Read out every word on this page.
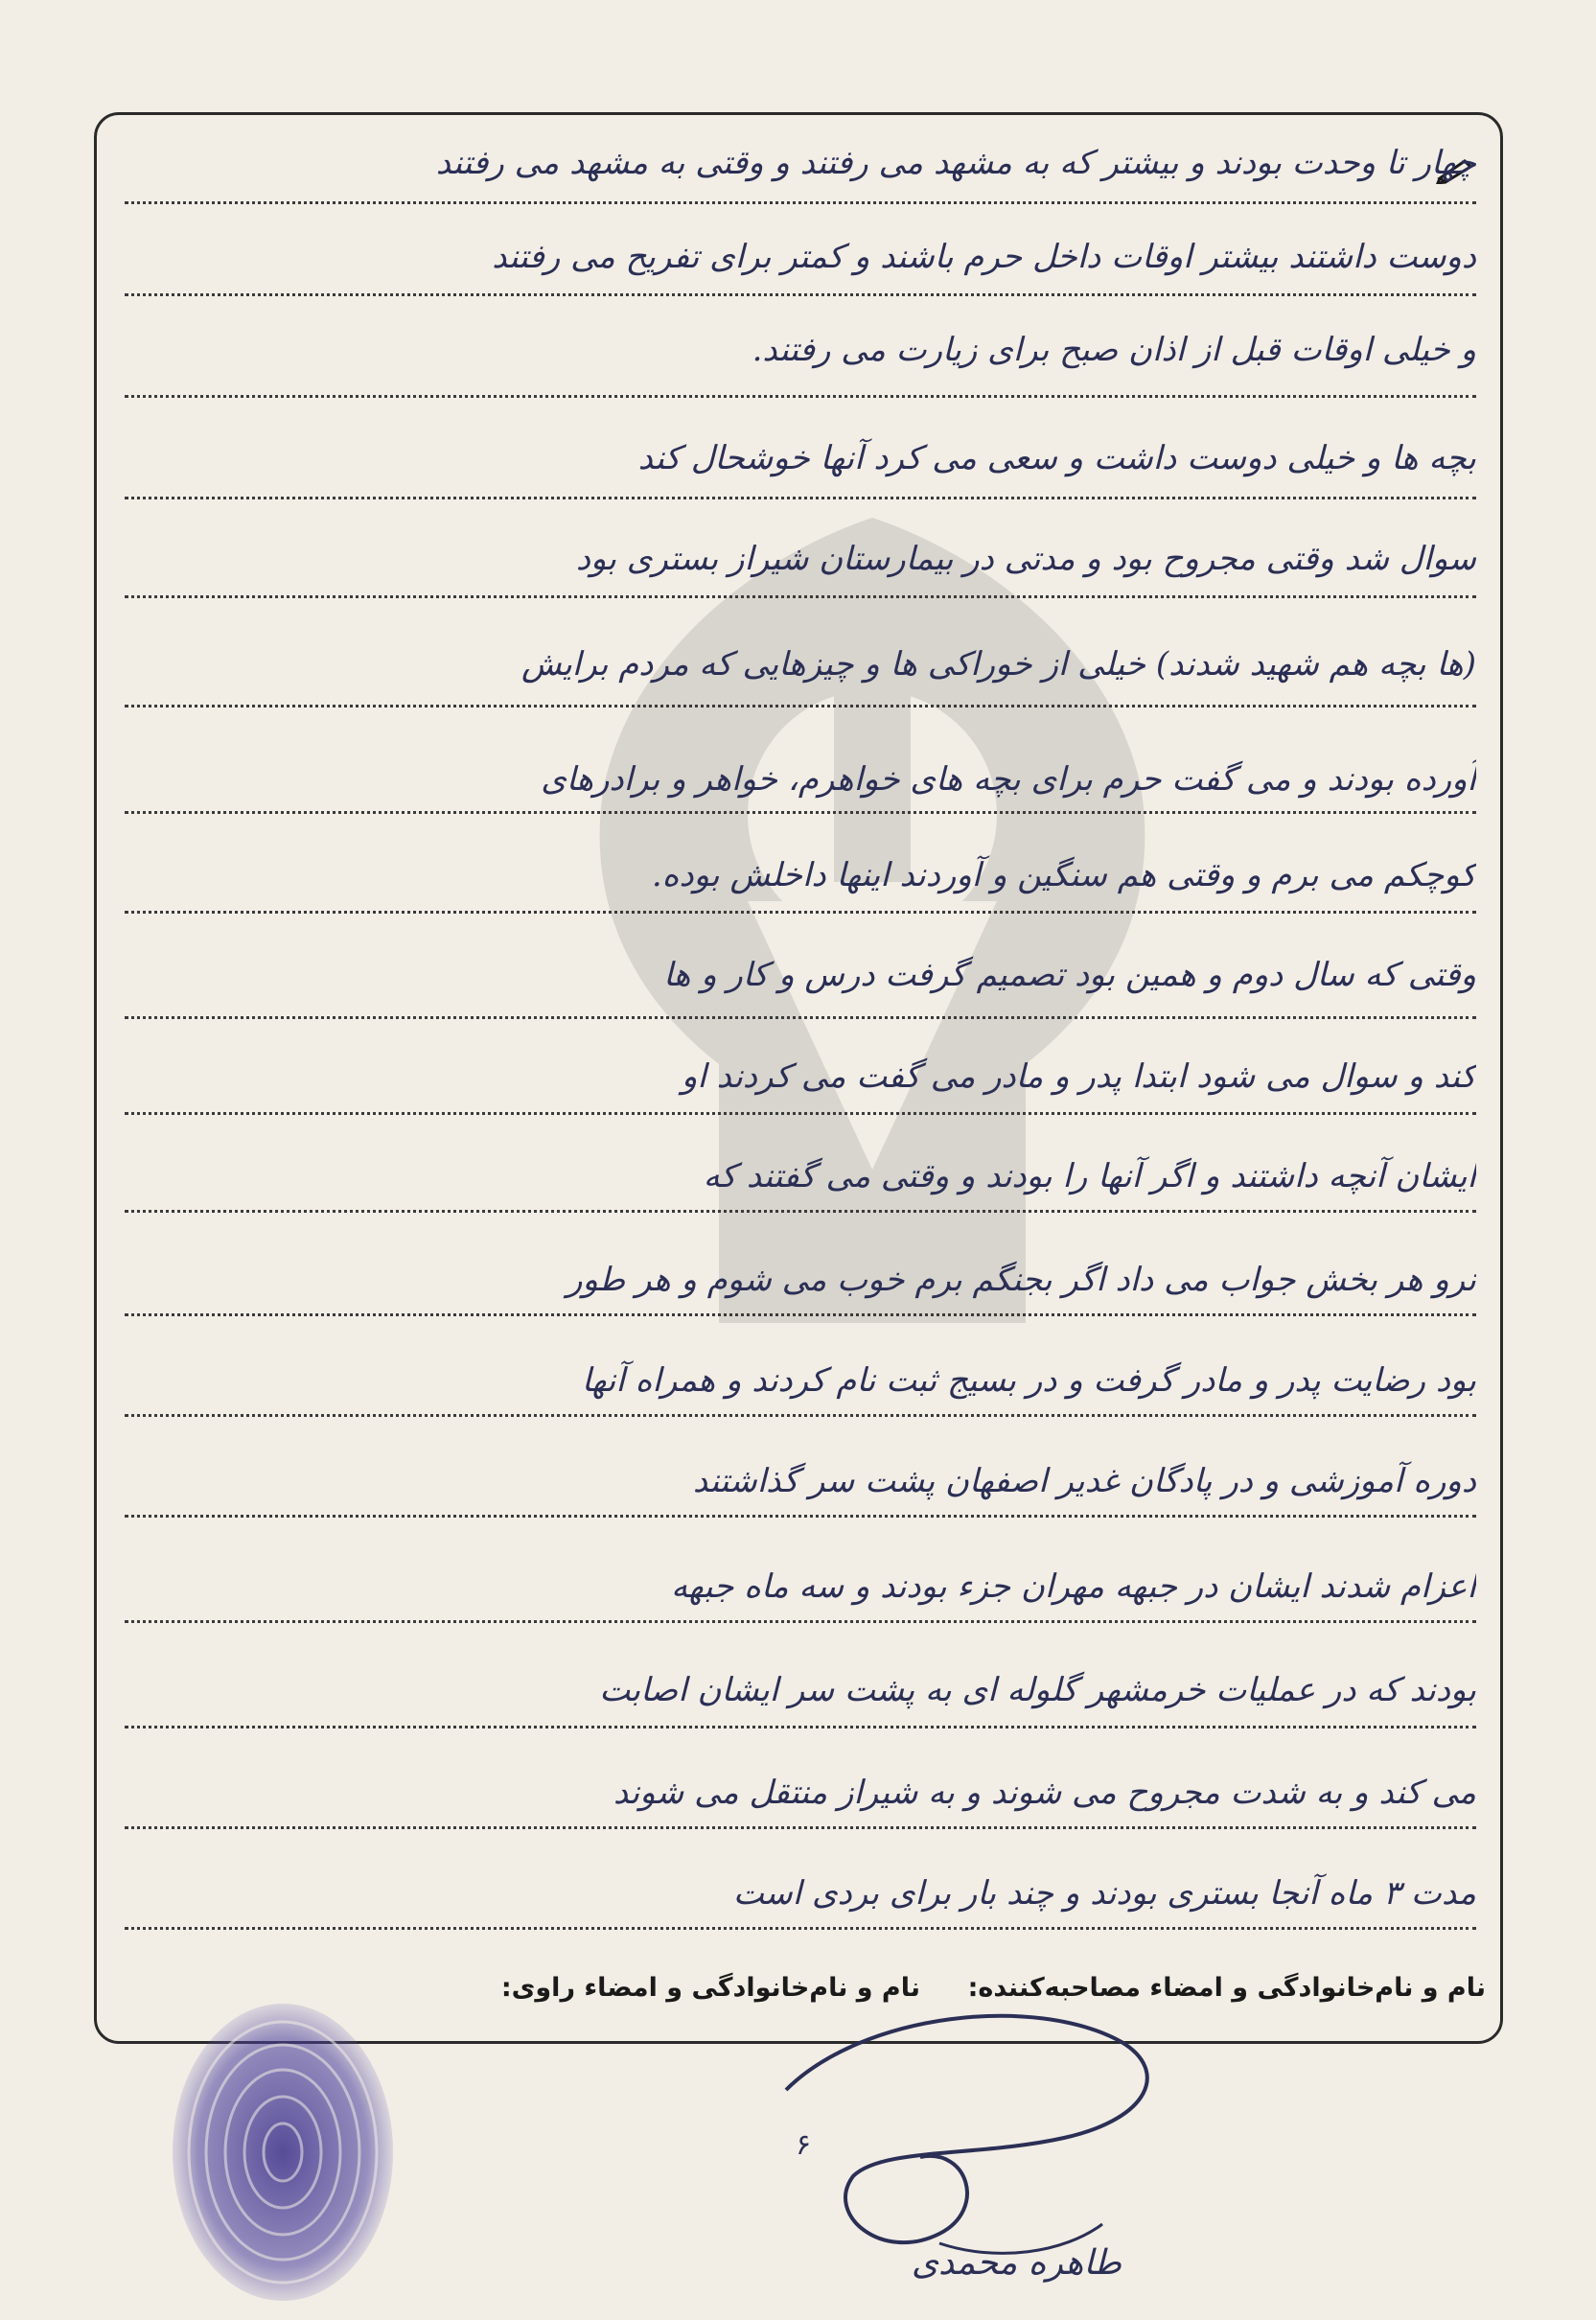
چهار تا وحدت بودند و بیشتر که به مشهد می رفتند و وقتی به مشهد می رفتند
دوست داشتند بیشتر اوقات داخل حرم باشند و کمتر برای تفریح می رفتند
و خیلی اوقات قبل از اذان صبح برای زیارت می رفتند.
بچه ها و خیلی دوست داشت و سعی می کرد آنها خوشحال کند
سوال شد وقتی مجروح بود و مدتی در بیمارستان شیراز بستری بود
(ها بچه هم شهید شدند) خیلی از خوراکی ها و چیزهایی که مردم برایش
آورده بودند و می گفت حرم برای بچه های خواهرم، خواهر و برادرهای
کوچکم می برم و وقتی هم سنگین و آوردند اینها داخلش بوده.
وقتی که سال دوم و همین بود تصمیم گرفت درس و کار و ها
کند و سوال می شود ابتدا پدر و مادر می گفت می کردند او
ایشان آنچه داشتند و اگر آنها را بودند و وقتی می گفتند که
نرو هر بخش جواب می داد اگر بجنگم برم خوب می شوم و هر طور
بود رضایت پدر و مادر گرفت و در بسیج ثبت نام کردند و همراه آنها
دوره آموزشی و در پادگان غدیر اصفهان پشت سر گذاشتند
اعزام شدند ایشان در جبهه مهران جزء بودند و سه ماه جبهه
بودند که در عملیات خرمشهر گلوله ای به پشت سر ایشان اصابت
می کند و به شدت مجروح می شوند و به شیراز منتقل می شوند
مدت ۳ ماه آنجا بستری بودند و چند بار برای بردی است
نام و نام‌خانوادگی و امضاء مصاحبه‌کننده:
نام و نام‌خانوادگی و امضاء راوی:
۶
طاهره محمدی
